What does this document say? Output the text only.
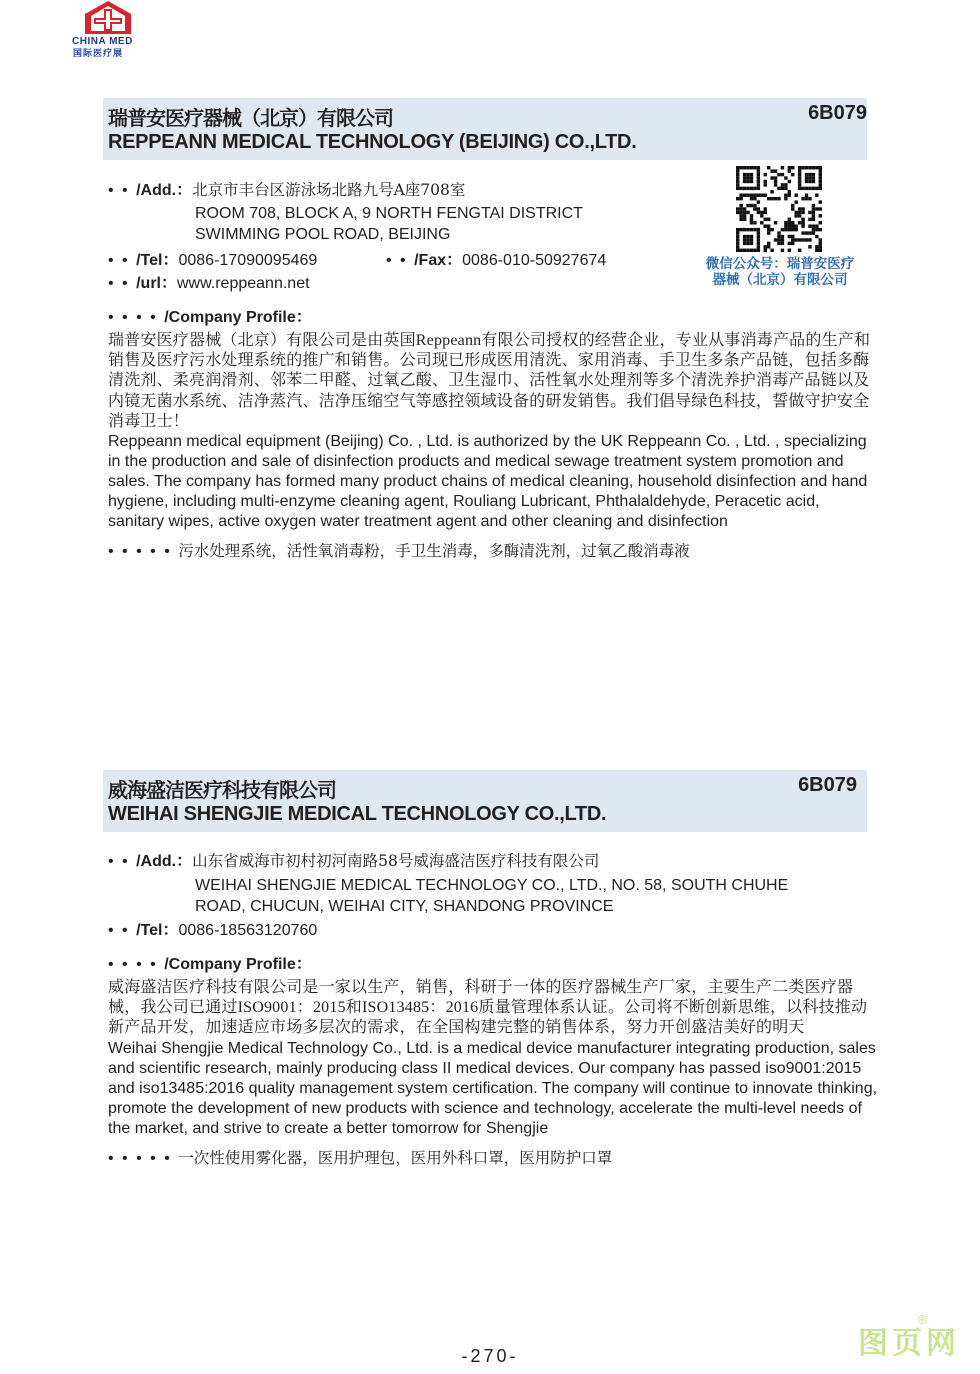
CHINA MED
国际医疗展
瑞普安医疗器械（北京）有限公司
REPPEANN MEDICAL TECHNOLOGY (BEIJING) CO.,LTD.
6B079
• • /Add.：北京市丰台区游泳场北路九号A座708室
ROOM 708, BLOCK A, 9 NORTH FENGTAI DISTRICT
SWIMMING POOL ROAD, BEIJING
• • /Tel：0086-17090095469	• • /Fax：0086-010-50927674
• • /url：www.reppeann.net
• • • • /Company Profile：
瑞普安医疗器械（北京）有限公司是由英国Reppeann有限公司授权的经营企业，专业从事消毒产品的生产和销售及医疗污水处理系统的推广和销售。公司现已形成医用清洗、家用消毒、手卫生多条产品链，包括多酶清洗剂、柔亮润滑剂、邻苯二甲醛、过氧乙酸、卫生湿巾、活性氧水处理剂等多个清洗养护消毒产品链以及内镜无菌水系统、洁净蒸汽、洁净压缩空气等感控领域设备的研发销售。我们倡导绿色科技，誓做守护安全消毒卫士！
Reppeann medical equipment (Beijing) Co. , Ltd. is authorized by the UK Reppeann Co. , Ltd. , specializing in the production and sale of disinfection products and medical sewage treatment system promotion and sales. The company has formed many product chains of medical cleaning, household disinfection and hand hygiene, including multi-enzyme cleaning agent, Rouliang Lubricant, Phthalaldehyde, Peracetic acid, sanitary wipes, active oxygen water treatment agent and other cleaning and disinfection
• • • • • 污水处理系统，活性氧消毒粉，手卫生消毒，多酶清洗剂，过氧乙酸消毒液
微信公众号：瑞普安医疗
器械（北京）有限公司
威海盛洁医疗科技有限公司
WEIHAI SHENGJIE MEDICAL TECHNOLOGY CO.,LTD.
6B079
• • /Add.：山东省威海市初村初河南路58号威海盛洁医疗科技有限公司
WEIHAI SHENGJIE MEDICAL TECHNOLOGY CO., LTD., NO. 58, SOUTH CHUHE
ROAD, CHUCUN, WEIHAI CITY, SHANDONG PROVINCE
• • /Tel：0086-18563120760
• • • • /Company Profile：
威海盛洁医疗科技有限公司是一家以生产，销售，科研于一体的医疗器械生产厂家，主要生产二类医疗器械，我公司已通过ISO9001：2015和ISO13485：2016质量管理体系认证。公司将不断创新思维，以科技推动新产品开发，加速适应市场多层次的需求，在全国构建完整的销售体系，努力开创盛洁美好的明天
Weihai Shengjie Medical Technology Co., Ltd. is a medical device manufacturer integrating production, sales and scientific research, mainly producing class II medical devices. Our company has passed iso9001:2015 and iso13485:2016 quality management system certification. The company will continue to innovate thinking, promote the development of new products with science and technology, accelerate the multi-level needs of the market, and strive to create a better tomorrow for Shengjie
• • • • • 一次性使用雾化器，医用护理包，医用外科口罩，医用防护口罩
-270-	图页网
®
